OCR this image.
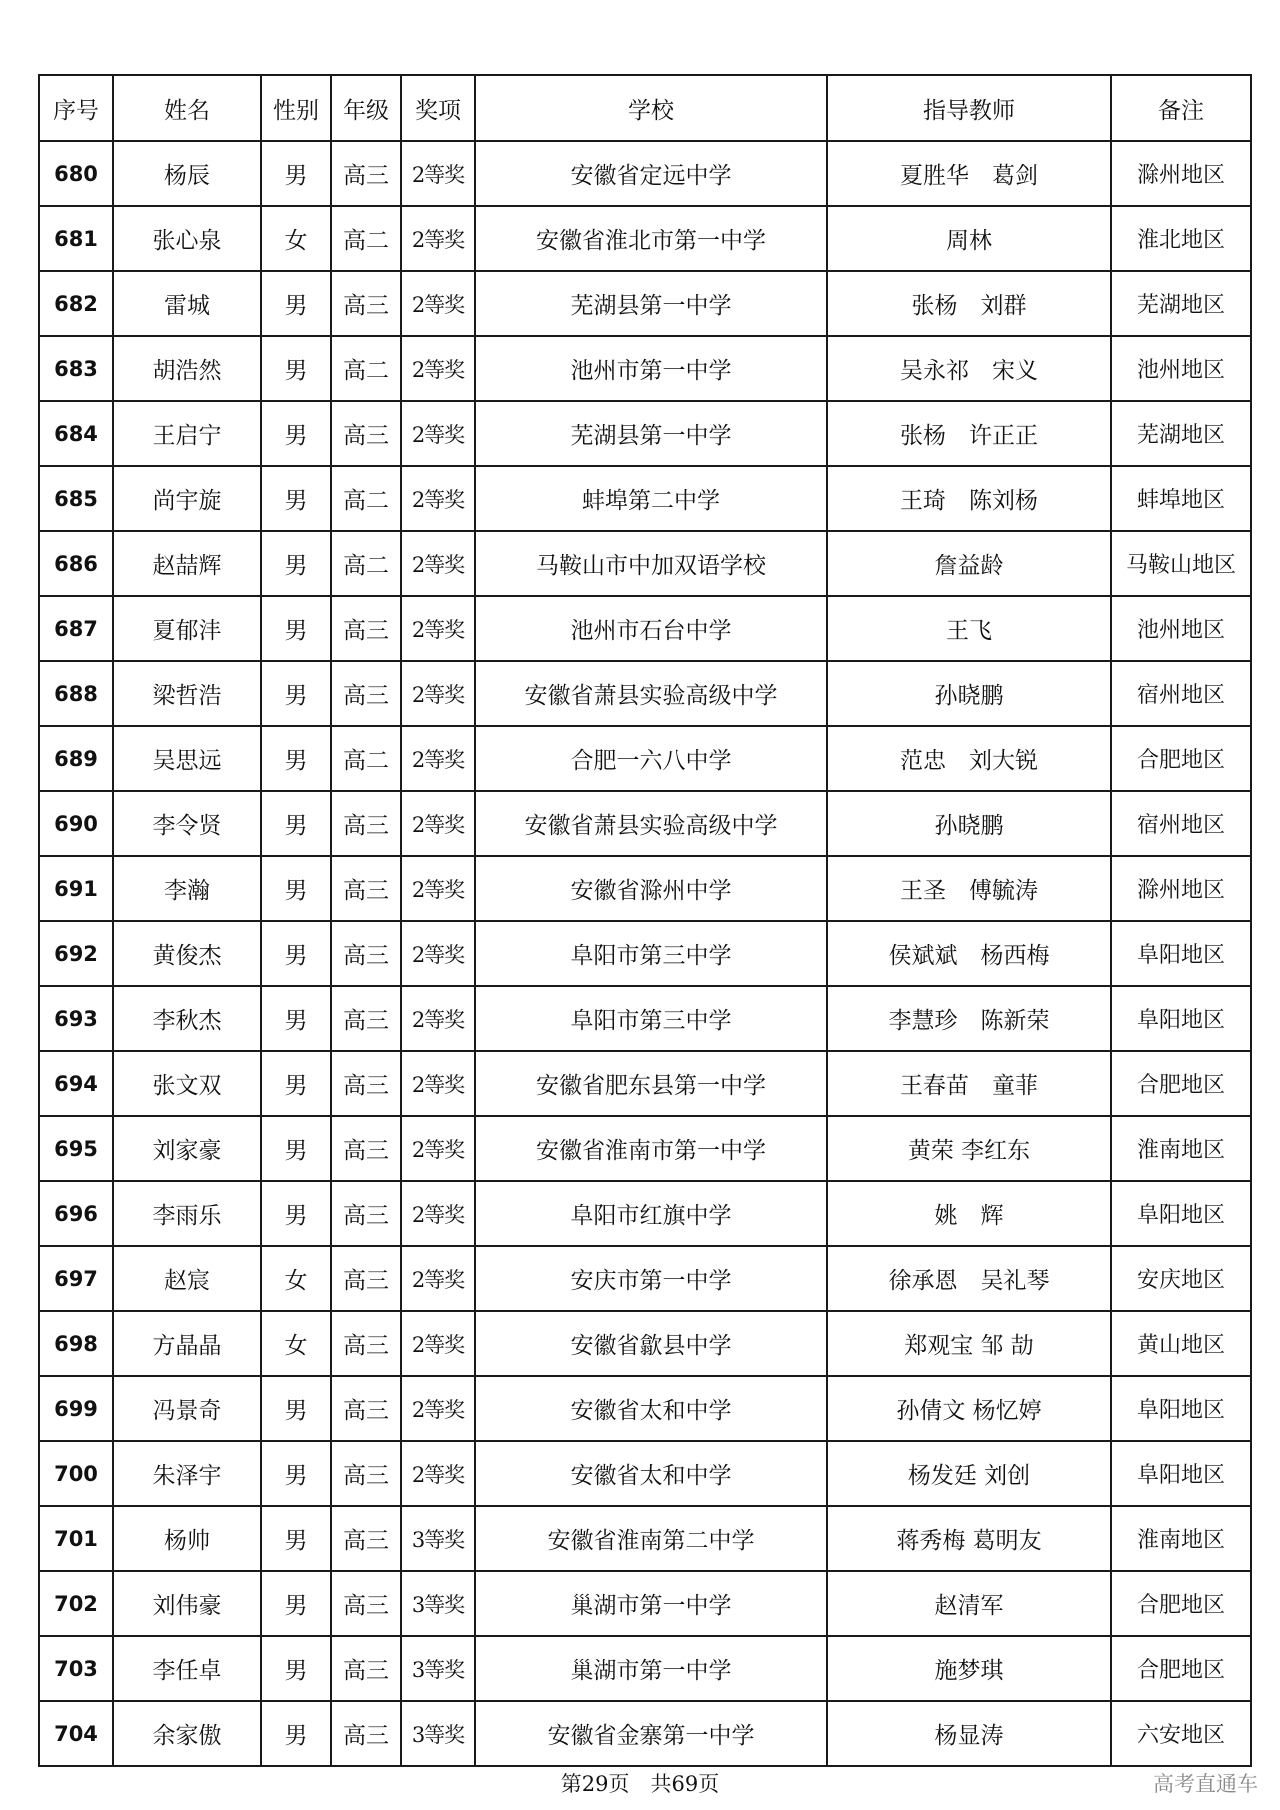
序号	姓名	性别	年级	奖项	学校	指导教师	备注
680	杨辰	男	高三	2等奖	安徽省定远中学	夏胜华　葛剑	滁州地区
681	张心泉	女	高二	2等奖	安徽省淮北市第一中学	周林	淮北地区
682	雷城	男	高三	2等奖	芜湖县第一中学	张杨　刘群	芜湖地区
683	胡浩然	男	高二	2等奖	池州市第一中学	吴永祁　宋义	池州地区
684	王启宁	男	高三	2等奖	芜湖县第一中学	张杨　许正正	芜湖地区
685	尚宇旋	男	高二	2等奖	蚌埠第二中学	王琦　陈刘杨	蚌埠地区
686	赵喆辉	男	高二	2等奖	马鞍山市中加双语学校	詹益龄	马鞍山地区
687	夏郁沣	男	高三	2等奖	池州市石台中学	王飞	池州地区
688	梁哲浩	男	高三	2等奖	安徽省萧县实验高级中学	孙晓鹏	宿州地区
689	吴思远	男	高二	2等奖	合肥一六八中学	范忠　刘大锐	合肥地区
690	李令贤	男	高三	2等奖	安徽省萧县实验高级中学	孙晓鹏	宿州地区
691	李瀚	男	高三	2等奖	安徽省滁州中学	王圣　傅毓涛	滁州地区
692	黄俊杰	男	高三	2等奖	阜阳市第三中学	侯斌斌　杨西梅	阜阳地区
693	李秋杰	男	高三	2等奖	阜阳市第三中学	李慧珍　陈新荣	阜阳地区
694	张文双	男	高三	2等奖	安徽省肥东县第一中学	王春苗　童菲	合肥地区
695	刘家豪	男	高三	2等奖	安徽省淮南市第一中学	黄荣 李红东	淮南地区
696	李雨乐	男	高三	2等奖	阜阳市红旗中学	姚　辉	阜阳地区
697	赵宸	女	高三	2等奖	安庆市第一中学	徐承恩　吴礼琴	安庆地区
698	方晶晶	女	高三	2等奖	安徽省歙县中学	郑观宝 邹 劼	黄山地区
699	冯景奇	男	高三	2等奖	安徽省太和中学	孙倩文 杨忆婷	阜阳地区
700	朱泽宇	男	高三	2等奖	安徽省太和中学	杨发廷 刘创	阜阳地区
701	杨帅	男	高三	3等奖	安徽省淮南第二中学	蒋秀梅 葛明友	淮南地区
702	刘伟豪	男	高三	3等奖	巢湖市第一中学	赵清军	合肥地区
703	李任卓	男	高三	3等奖	巢湖市第一中学	施梦琪	合肥地区
704	余家傲	男	高三	3等奖	安徽省金寨第一中学	杨显涛	六安地区
第29页　共69页	高考直通车
